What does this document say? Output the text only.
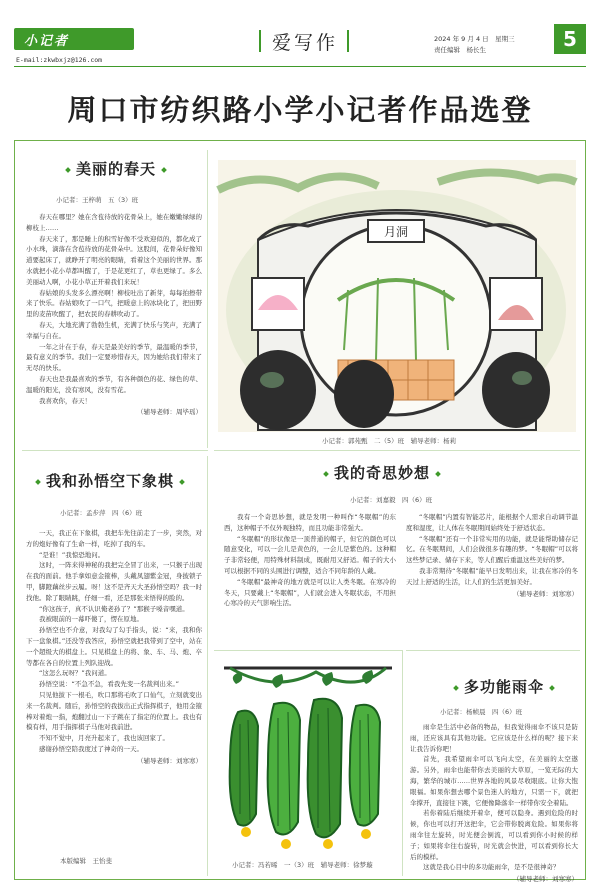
小记者
E-mail:zkwbxjz@126.com
爱写作	2024 年 9 月 4 日　星期三
责任编辑　杨长生	5
周口市纺织路小学小记者作品选登
美丽的春天
小记者：王梓萌　五（3）班

春天在哪里？她在含苞待放的花骨朵上，她在嫩嫩绿绿的柳枝上……

春天来了，那是睡上的积雪好像不受欢迎似的，都化成了小水珠，滴落在含苞待放的花骨朵中。这股间，花骨朵好像知道要起床了，就睁开了明亮的眼睛，看着这个美丽的世界。那水就把小花小草都叫醒了，于是花更红了，草也更绿了。多么美丽动人啊，小花小草正开着我们来玩！

春姑娘的头发多么漂亮啊！柳枝吐出了新芽，每每拍擦带来了快乐。春姑娘吹了一口气，把暖意上的冰块化了，把田野里的麦苗吹醒了，把农民的春耕吹动了。

春天，大地充满了勃勃生机，充满了快乐与笑声，充满了幸福与自在。

一年之计在于春，春天是最美好的季节，最温暖的季节，最有意义的季节。我们一定要珍惜春天，因为她给我们带来了无尽的快乐。

春天也是我最喜欢的季节，有各种颜色的花、绿色的草、温暖的阳光，没有寒风，没有雪花。

我喜欢你，春天！

（辅导老师：周毕瑶）
月洞
小记者：郭苑甄　二（5）班　辅导老师：杨莉
我和孙悟空下象棋
小记者：孟步萍　四（6）班

一天，我正在下象棋，我把车先往前走了一步，突然，对方的炮好像有了生命一样，吃掉了我的车。

“是谁！”我惊恐地问。

这时，一阵来得神秘的我把完全冒了出来，一只猴子出现在我的面前。他手拿如意金箍棒，头戴凤翅紫金冠，身披锁子甲，脚蹬藕丝步云履。呀！这不是齐天大圣孙悟空吗？我一时找他。除了眼睛跳，仔细一看，还是那张来悟得的脸的。

“你这孩子，真不认识俺老孙了？”那猴子嗓音嘿道。

我被眼前的一幕吓傻了，愣在原地。

孙悟空也不介意，对我勾了勾手指头，说：“来，我和你下一盘象棋。”还没等我答应，孙悟空就把我带到了空中，站在一个超级大的棋盘上。只见棋盘上的将、象、车、马、炮、卒等都在各自的位置上列队迎战。

“这怎么玩呀？”我问道。

孙悟空说：“不急不急，看我先变一名裁判出来。”

只见他拔下一根毛，吹口那将毛吹了口仙气，立刻就变出来一名裁判。随后，孙悟空的我拔出正式指挥棋子，他用金箍棒对着炮一指，炮翻过山一下子跳在了指定的位置上。我也有模有样，用手指挥棋子马他对我前进。

不知不觉中，月亮升起来了，我也该回家了。

感谢孙悟空陪我度过了神奇的一天。

（辅导老师：刘寒寒）
本版编辑　王怡斐
我的奇思妙想
小记者：刘嘉毅　四（6）班

我有一个奇思妙想，就是发明一种叫作“冬眠帽”的东西，这种帽子不仅外观独特，而且功能非常强大。

“冬眠帽”的形状像是一顶普通的帽子，但它的颜色可以随意变化，可以一会儿是黄色的，一会儿是紫色的。这种帽子非常轻便，用特殊材料制成，既耐用又舒适。帽子的大小可以根据不同的头围进行调整，适合不同年龄的人戴。

“冬眠帽”最神奇的地方就是可以让人类冬眠。在寒冷的冬天，只要戴上“冬眠帽”，人们就会进入冬眠状态，不用担心寒冷的天气影响生活。

“冬眠帽”内置有智能芯片，能根据个人需求自动调节温度和湿度，让人体在冬眠期间始终处于舒适状态。

“冬眠帽”还有一个非常实用的功能，就是能帮助储存记忆。在冬眠期间，人们会做很多有趣的梦。“冬眠帽”可以将这些梦记录、储存下来，等人们醒后重温这些美好的梦。

我非常期待“冬眠帽”能早日发明出来，让我在寒冷的冬天过上舒适的生活，让人们的生活更加美好。

（辅导老师：刘寒寒）
小记者：冯若晞　一（3）班　辅导老师：徐梦璇
多功能雨伞
小记者：杨帧晨　四（6）班

雨伞是生活中必备的物品，但我觉得雨伞不该只是防雨，还应该具有其他功能。它应该是什么样的呢？接下来让我告诉你吧！

首先，我希望雨伞可以飞向太空，在美丽的太空遨游。另外，雨伞也能带你去美丽的大草原，一览无际的大海，繁华的城市……世界各地的风景尽收眼底。让你大饱眼福。如果你想去哪个景色迷人的地方，只需一下，就把伞撑开，直接往下跳，它便像降落伞一样带你安全着陆。

若你着陆后继续开着伞，便可以隐身。遇到危险的时候，你也可以打开这把伞，它会带你脱离危险。如果你将雨伞往左旋转，时光便会倒流，可以看到你小时候的样子；如果将伞往右旋转，时光就会快进，可以看到你长大后的模样。

这就是我心目中的多功能雨伞，是不是很神奇？

（辅导老师：刘寒寒）
